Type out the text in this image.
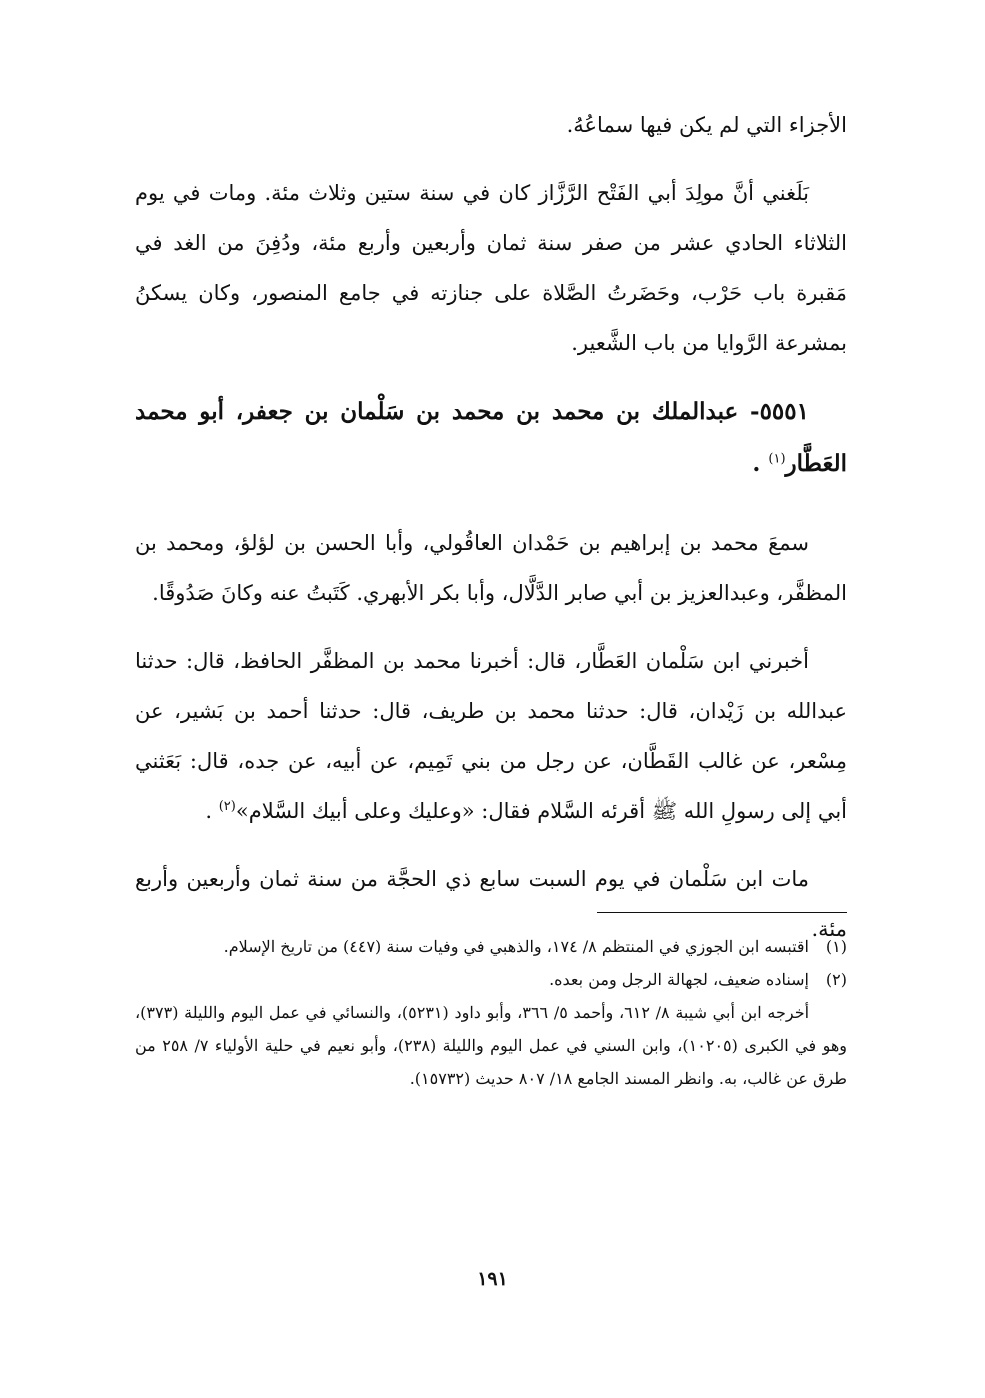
الأجزاء التي لم يكن فيها سماعُهُ.

بَلَغني أنَّ مولِدَ أبي الفَتْح الرَّزَّاز كان في سنة ستين وثلاث مئة. ومات في يوم الثلاثاء الحادي عشر من صفر سنة ثمان وأربعين وأربع مئة، ودُفِنَ من الغد في مَقبرة باب حَرْب، وحَضَرتُ الصَّلاة على جنازته في جامع المنصور، وكان يسكنُ بمشرعة الرَّوايا من باب الشَّعير.

٥٥٥١- عبدالملك بن محمد بن محمد بن سَلْمان بن جعفر، أبو محمد العَطَّار$^{(١)}$ .

سمعَ محمد بن إبراهيم بن حَمْدان العاقُولي، وأبا الحسن بن لؤلؤ، ومحمد بن المظفَّر، وعبدالعزيز بن أبي صابر الدَّلَّال، وأبا بكر الأبهري. كَتَبتُ عنه وكانَ صَدُوقًا.

أخبرني ابن سَلْمان العَطَّار، قال: أخبرنا محمد بن المظفَّر الحافظ، قال: حدثنا عبدالله بن زَيْدان، قال: حدثنا محمد بن طريف، قال: حدثنا أحمد بن بَشير، عن مِسْعر، عن غالب القَطَّان، عن رجل من بني تَمِيم، عن أبيه، عن جده، قال: بَعَثني أبي إلى رسولِ الله ﷺ أقرئه السَّلام فقال: «وعليك وعلى أبيك السَّلام»$^{(٢)}$ .

مات ابن سَلْمان في يوم السبت سابع ذي الحجَّة من سنة ثمان وأربعين وأربع مئة.

(١)
اقتبسه ابن الجوزي في المنتظم ٨/ ١٧٤، والذهبي في وفيات سنة (٤٤٧) من تاريخ الإسلام.
(٢)
إسناده ضعيف، لجهالة الرجل ومن بعده.

أخرجه ابن أبي شيبة ٨/ ٦١٢، وأحمد ٥/ ٣٦٦، وأبو داود (٥٢٣١)، والنسائي في عمل اليوم والليلة (٣٧٣)، وهو في الكبرى (١٠٢٠٥)، وابن السني في عمل اليوم والليلة (٢٣٨)، وأبو نعيم في حلية الأولياء ٧/ ٢٥٨ من طرق عن غالب، به. وانظر المسند الجامع ١٨/ ٨٠٧ حديث (١٥٧٣٢).

١٩١
